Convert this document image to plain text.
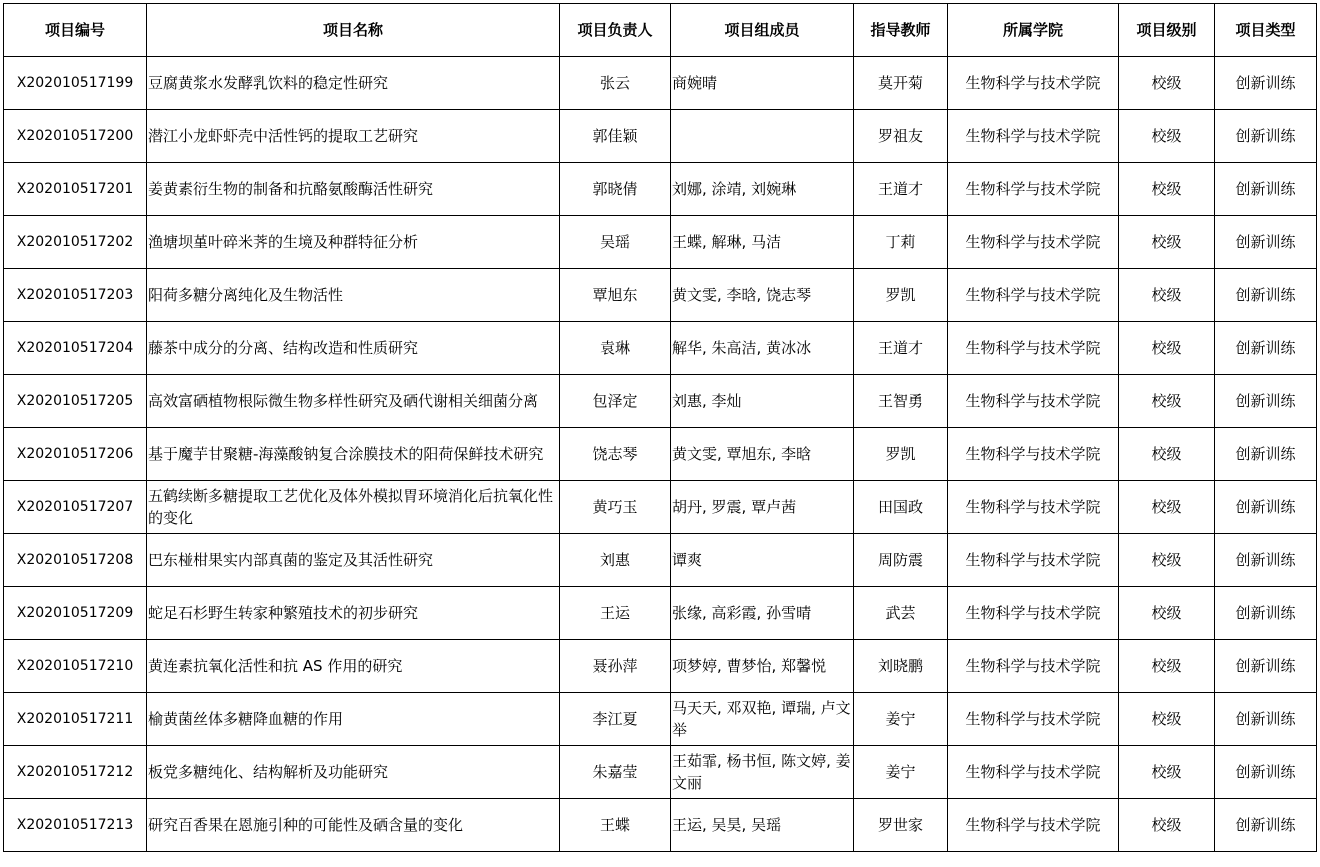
项目编号	项目名称	项目负责人	项目组成员	指导教师	所属学院	项目级别	项目类型
X202010517199	豆腐黄浆水发酵乳饮料的稳定性研究	张云	商婉晴	莫开菊	生物科学与技术学院	校级	创新训练
X202010517200	潜江小龙虾虾壳中活性钙的提取工艺研究	郭佳颖		罗祖友	生物科学与技术学院	校级	创新训练
X202010517201	姜黄素衍生物的制备和抗酪氨酸酶活性研究	郭晓倩	刘娜, 涂靖, 刘婉琳	王道才	生物科学与技术学院	校级	创新训练
X202010517202	渔塘坝堇叶碎米荠的生境及种群特征分析	吴瑶	王蝶, 解琳, 马洁	丁莉	生物科学与技术学院	校级	创新训练
X202010517203	阳荷多糖分离纯化及生物活性	覃旭东	黄文雯, 李晗, 饶志琴	罗凯	生物科学与技术学院	校级	创新训练
X202010517204	藤茶中成分的分离、结构改造和性质研究	袁琳	解华, 朱高洁, 黄冰冰	王道才	生物科学与技术学院	校级	创新训练
X202010517205	高效富硒植物根际微生物多样性研究及硒代谢相关细菌分离	包泽定	刘惠, 李灿	王智勇	生物科学与技术学院	校级	创新训练
X202010517206	基于魔芋甘聚糖-海藻酸钠复合涂膜技术的阳荷保鲜技术研究	饶志琴	黄文雯, 覃旭东, 李晗	罗凯	生物科学与技术学院	校级	创新训练
X202010517207	五鹤续断多糖提取工艺优化及体外模拟胃环境消化后抗氧化性的变化	黄巧玉	胡丹, 罗震, 覃卢茜	田国政	生物科学与技术学院	校级	创新训练
X202010517208	巴东椪柑果实内部真菌的鉴定及其活性研究	刘惠	谭爽	周防震	生物科学与技术学院	校级	创新训练
X202010517209	蛇足石杉野生转家种繁殖技术的初步研究	王运	张缘, 高彩霞, 孙雪晴	武芸	生物科学与技术学院	校级	创新训练
X202010517210	黄连素抗氧化活性和抗 AS 作用的研究	聂孙萍	项梦婷, 曹梦怡, 郑馨悦	刘晓鹏	生物科学与技术学院	校级	创新训练
X202010517211	榆黄菌丝体多糖降血糖的作用	李江夏	马天天, 邓双艳, 谭瑞, 卢文举	姜宁	生物科学与技术学院	校级	创新训练
X202010517212	板党多糖纯化、结构解析及功能研究	朱嘉莹	王茹霏, 杨书恒, 陈文婷, 姜文丽	姜宁	生物科学与技术学院	校级	创新训练
X202010517213	研究百香果在恩施引种的可能性及硒含量的变化	王蝶	王运, 吴昊, 吴瑶	罗世家	生物科学与技术学院	校级	创新训练
